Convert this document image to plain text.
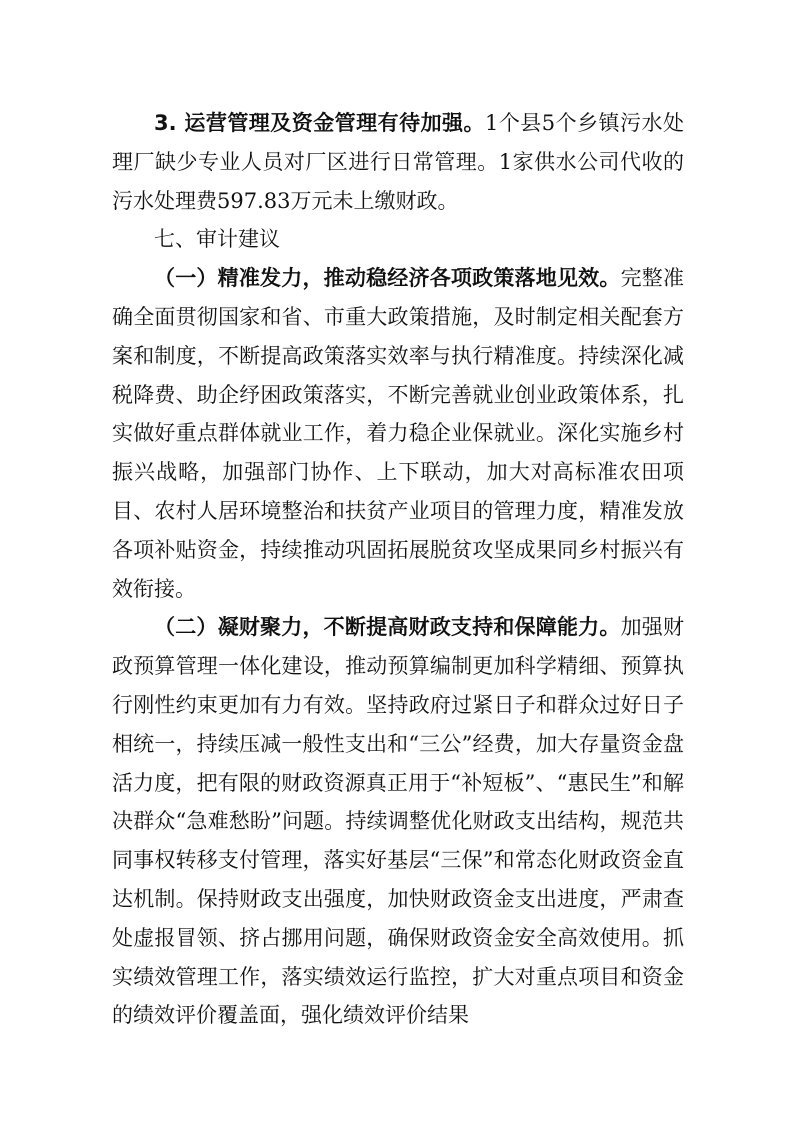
3. 运营管理及资金管理有待加强。1个县5个乡镇污水处理厂缺少专业人员对厂区进行日常管理。1家供水公司代收的污水处理费597.83万元未上缴财政。

七、审计建议

（一）精准发力，推动稳经济各项政策落地见效。完整准确全面贯彻国家和省、市重大政策措施，及时制定相关配套方案和制度，不断提高政策落实效率与执行精准度。持续深化减税降费、助企纾困政策落实，不断完善就业创业政策体系，扎实做好重点群体就业工作，着力稳企业保就业。深化实施乡村振兴战略，加强部门协作、上下联动，加大对高标准农田项目、农村人居环境整治和扶贫产业项目的管理力度，精准发放各项补贴资金，持续推动巩固拓展脱贫攻坚成果同乡村振兴有效衔接。

（二）凝财聚力，不断提高财政支持和保障能力。加强财政预算管理一体化建设，推动预算编制更加科学精细、预算执行刚性约束更加有力有效。坚持政府过紧日子和群众过好日子相统一，持续压减一般性支出和“三公”经费，加大存量资金盘活力度，把有限的财政资源真正用于“补短板”、“惠民生”和解决群众“急难愁盼”问题。持续调整优化财政支出结构，规范共同事权转移支付管理，落实好基层“三保”和常态化财政资金直达机制。保持财政支出强度，加快财政资金支出进度，严肃查处虚报冒领、挤占挪用问题，确保财政资金安全高效使用。抓实绩效管理工作，落实绩效运行监控，扩大对重点项目和资金的绩效评价覆盖面，强化绩效评价结果
